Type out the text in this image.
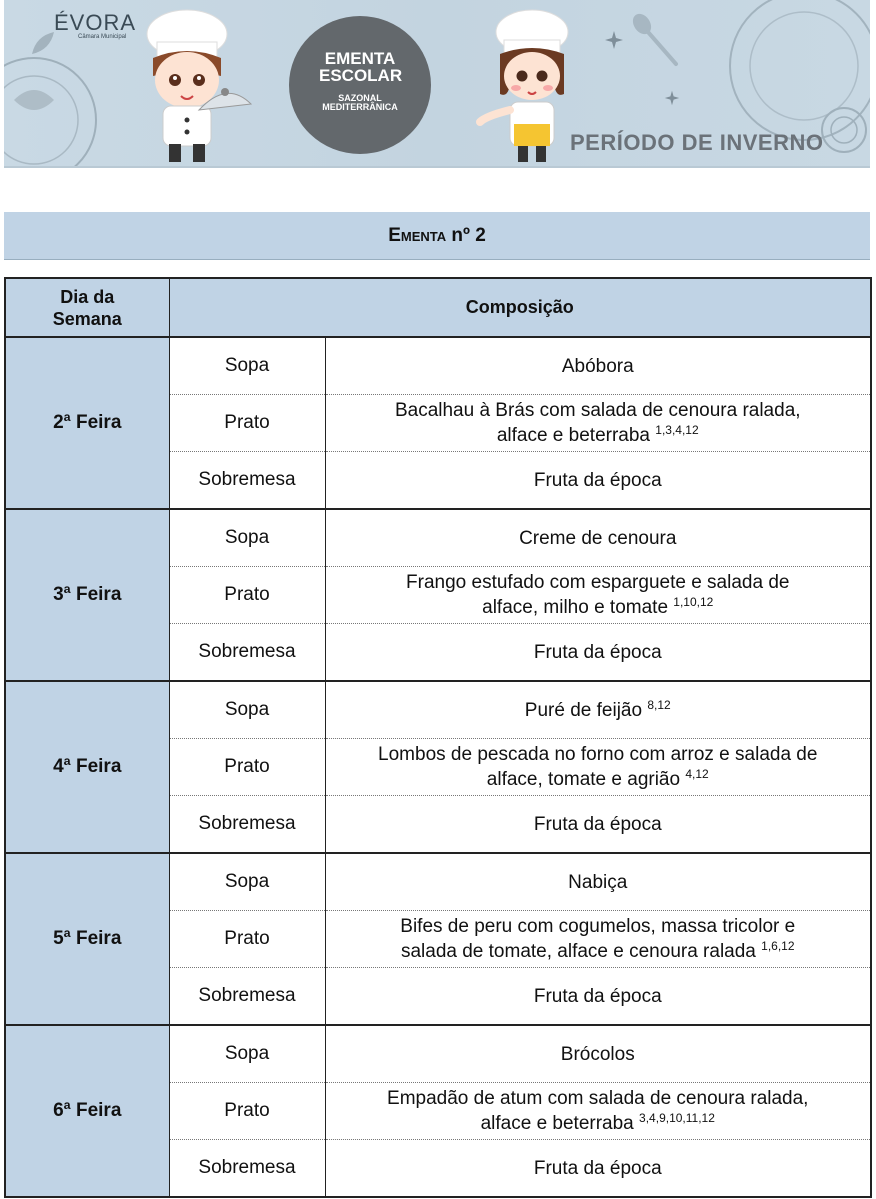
ÉVORA
Câmara Municipal
EMENTA ESCOLAR
SAZONAL MEDITERRÂNICA
PERÍODO DE INVERNO
Ementa
nº 2
Dia da Semana	Composição	
2ª Feira	Sopa	Abóbora
	Prato	Bacalhau à Brás com salada de cenoura ralada, alface e beterraba $^{1,3,4,12}$
	Sobremesa	Fruta da época
3ª Feira	Sopa	Creme de cenoura
	Prato	Frango estufado com esparguete e salada de alface, milho e tomate $^{1,10,12}$
	Sobremesa	Fruta da época
4ª Feira	Sopa	Puré de feijão $^{8,12}$
	Prato	Lombos de pescada no forno com arroz e salada de alface, tomate e agrião $^{4,12}$
	Sobremesa	Fruta da época
5ª Feira	Sopa	Nabiça
	Prato	Bifes de peru com cogumelos, massa tricolor e salada de tomate, alface e cenoura ralada $^{1,6,12}$
	Sobremesa	Fruta da época
6ª Feira	Sopa	Brócolos
	Prato	Empadão de atum com salada de cenoura ralada, alface e beterraba $^{3,4,9,10,11,12}$
	Sobremesa	Fruta da época
